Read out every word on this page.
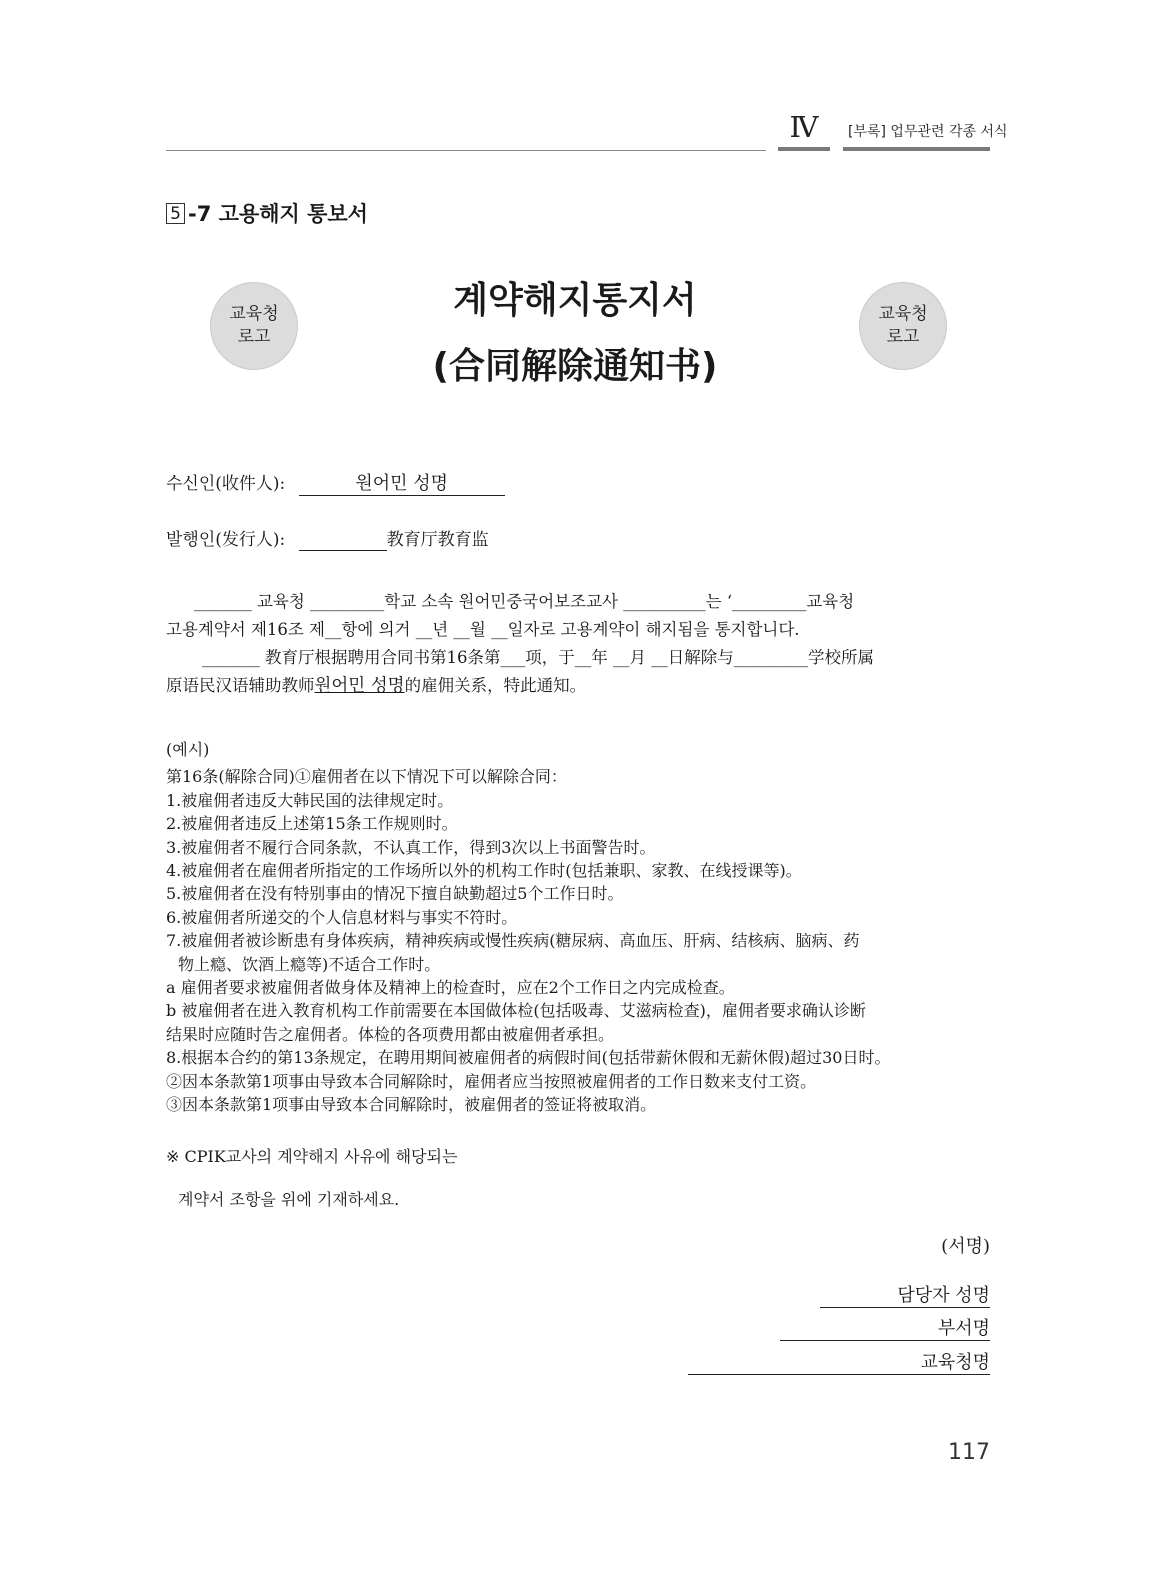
Ⅳ	[부록] 업무관련 각종 서식
5 -7 고용해지 통보서
교육청
로고
교육청
로고
계약해지통지서
(合同解除通知书)
수신인(收件人):	원어민 성명
발행인(发行人):	教育厅教育监

_______ 교육청 _________학교 소속 원어민중국어보조교사 __________는 ‘_________교육청

고용계약서 제16조 제__항에 의거 __년 __월 __일자로 고용계약이 해지됨을 통지합니다.

_______ 教育厅根据聘用合同书第16条第___项，于__年 __月 __日解除与_________学校所属

原语民汉语辅助教师원어민 성명的雇佣关系，特此通知。

(예시)
第16条(解除合同)①雇佣者在以下情况下可以解除合同：
1.被雇佣者违反大韩民国的法律规定时。
2.被雇佣者违反上述第15条工作规则时。
3.被雇佣者不履行合同条款，不认真工作，得到3次以上书面警告时。
4.被雇佣者在雇佣者所指定的工作场所以外的机构工作时(包括兼职、家教、在线授课等)。
5.被雇佣者在没有特别事由的情况下擅自缺勤超过5个工作日时。
6.被雇佣者所递交的个人信息材料与事实不符时。
7.被雇佣者被诊断患有身体疾病，精神疾病或慢性疾病(糖尿病、高血压、肝病、结核病、脑病、药
物上瘾、饮酒上瘾等)不适合工作时。
a 雇佣者要求被雇佣者做身体及精神上的检查时，应在2个工作日之内完成检查。
b 被雇佣者在进入教育机构工作前需要在本国做体检(包括吸毒、艾滋病检查)，雇佣者要求确认诊断
结果时应随时告之雇佣者。体检的各项费用都由被雇佣者承担。
8.根据本合约的第13条规定，在聘用期间被雇佣者的病假时间(包括带薪休假和无薪休假)超过30日时。
②因本条款第1项事由导致本合同解除时，雇佣者应当按照被雇佣者的工作日数来支付工资。
③因本条款第1项事由导致本合同解除时，被雇佣者的签证将被取消。
※ CPIK교사의 계약해지 사유에 해당되는
계약서 조항을 위에 기재하세요.
(서명)
담당자 성명
부서명
교육청명
117
